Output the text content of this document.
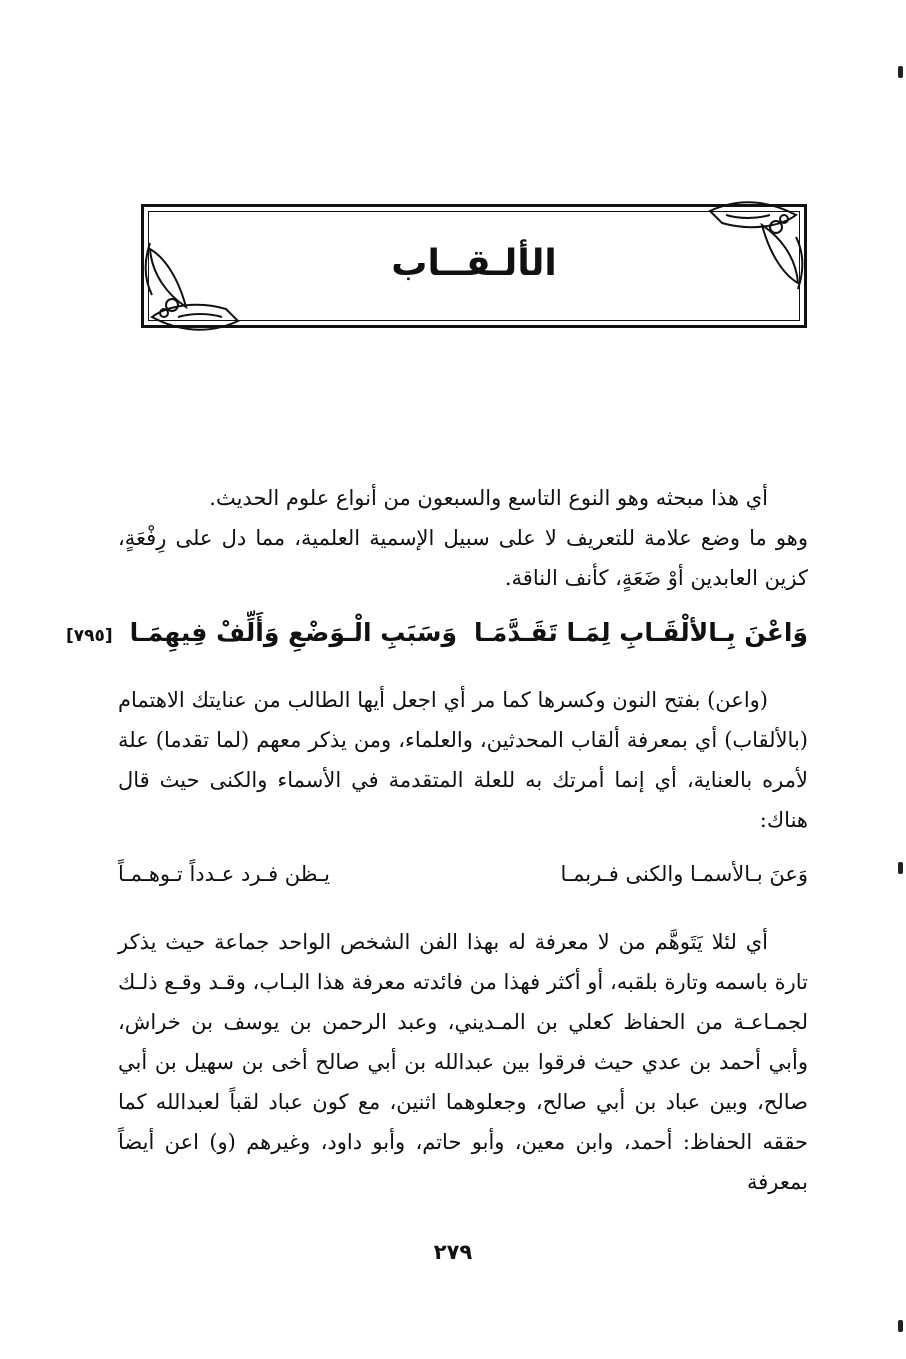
الألـقــاب

أي هذا مبحثه وهو النوع التاسع والسبعون من أنواع علوم الحديث.

وهو ما وضع علامة للتعريف لا على سبيل الإسمية العلمية، مما دل على رِفْعَةٍ، كزين العابدين أوْ ضَعَةٍ، كأنف الناقة.

وَاعْنَ بِـالألْقَـابِ لِمَـا تَقَـدَّمَـا
وَسَبَبِ الْـوَضْعِ وَأَلِّفْ فِيهِمَـا
[٧٩٥]

(واعن) بفتح النون وكسرها كما مر أي اجعل أيها الطالب من عنايتك الاهتمام (بالألقاب) أي بمعرفة ألقاب المحدثين، والعلماء، ومن يذكر معهم (لما تقدما) علة لأمره بالعناية، أي إنما أمرتك به للعلة المتقدمة في الأسماء والكنى حيث قال هناك:

وَعنَ بـالأسمـا والكنى فـربمـا
يـظن فـرد عـدداً تـوهـمـاً

أي لئلا يَتَوهَّم من لا معرفة له بهذا الفن الشخص الواحد جماعة حيث يذكر تارة باسمه وتارة بلقبه، أو أكثر فهذا من فائدته معرفة هذا البـاب، وقـد وقـع ذلـك لجمـاعـة من الحفاظ كعلي بن المـديني، وعبد الرحمن بن يوسف بن خراش، وأبي أحمد بن عدي حيث فرقوا بين عبدالله بن أبي صالح أخى بن سهيل بن أبي صالح، وبين عباد بن أبي صالح، وجعلوهما اثنين، مع كون عباد لقباً لعبدالله كما حققه الحفاظ: أحمد، وابن معين، وأبو حاتم، وأبو داود، وغيرهم (و) اعن أيضاً بمعرفة

٢٧٩
